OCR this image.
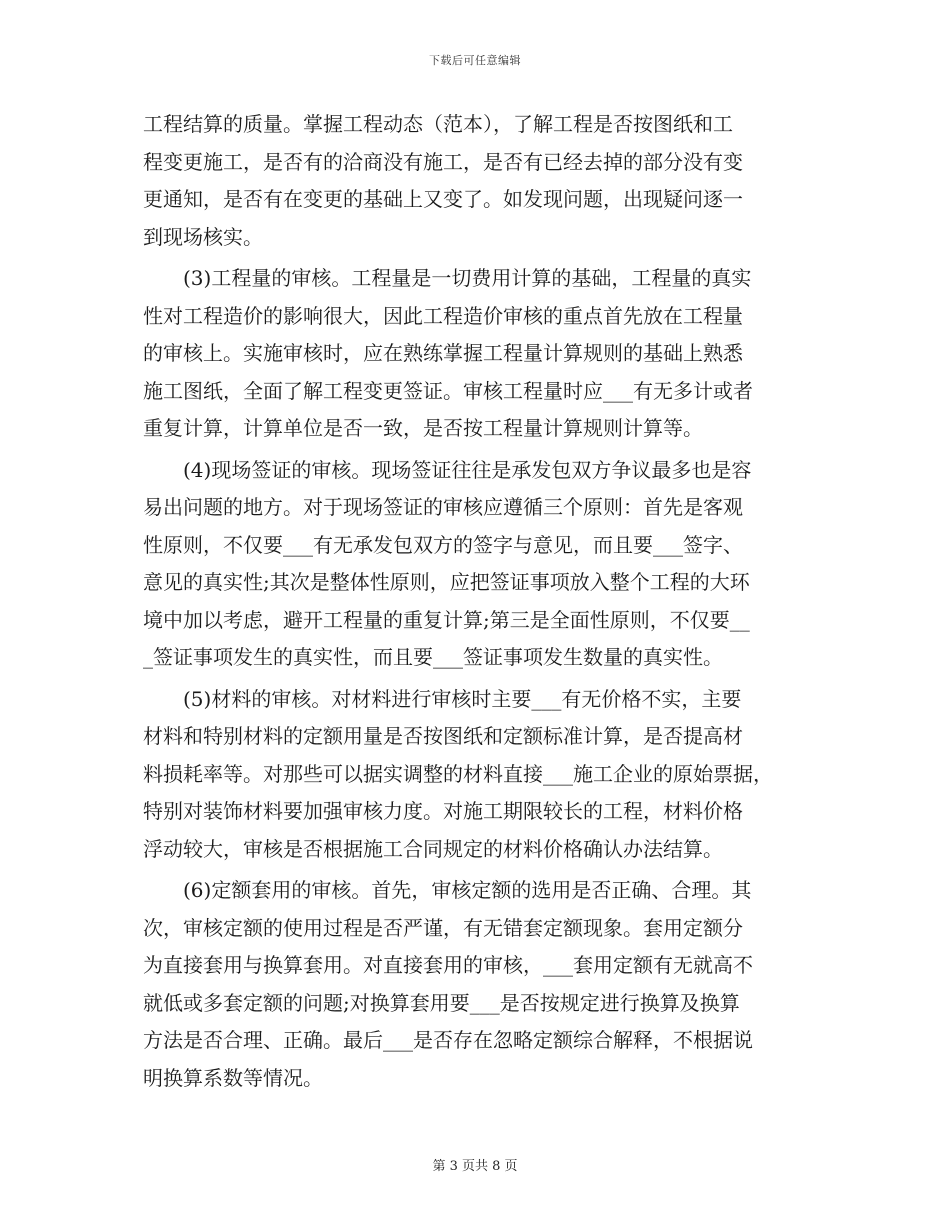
下载后可任意编辑
工程结算的质量。掌握工程动态（范本），了解工程是否按图纸和工
程变更施工，是否有的洽商没有施工，是否有已经去掉的部分没有变
更通知，是否有在变更的基础上又变了。如发现问题，出现疑问逐一
到现场核实。
(3)工程量的审核。工程量是一切费用计算的基础，工程量的真实
性对工程造价的影响很大，因此工程造价审核的重点首先放在工程量
的审核上。实施审核时，应在熟练掌握工程量计算规则的基础上熟悉
施工图纸，全面了解工程变更签证。审核工程量时应___有无多计或者
重复计算，计算单位是否一致，是否按工程量计算规则计算等。
(4)现场签证的审核。现场签证往往是承发包双方争议最多也是容
易出问题的地方。对于现场签证的审核应遵循三个原则：首先是客观
性原则，不仅要___有无承发包双方的签字与意见，而且要___签字、
意见的真实性;其次是整体性原则，应把签证事项放入整个工程的大环
境中加以考虑，避开工程量的重复计算;第三是全面性原则，不仅要__
_签证事项发生的真实性，而且要___签证事项发生数量的真实性。
(5)材料的审核。对材料进行审核时主要___有无价格不实，主要
材料和特别材料的定额用量是否按图纸和定额标准计算，是否提高材
料损耗率等。对那些可以据实调整的材料直接___施工企业的原始票据，
特别对装饰材料要加强审核力度。对施工期限较长的工程，材料价格
浮动较大，审核是否根据施工合同规定的材料价格确认办法结算。
(6)定额套用的审核。首先，审核定额的选用是否正确、合理。其
次，审核定额的使用过程是否严谨，有无错套定额现象。套用定额分
为直接套用与换算套用。对直接套用的审核，___套用定额有无就高不
就低或多套定额的问题;对换算套用要___是否按规定进行换算及换算
方法是否合理、正确。最后___是否存在忽略定额综合解释，不根据说
明换算系数等情况。
第 3 页共 8 页
